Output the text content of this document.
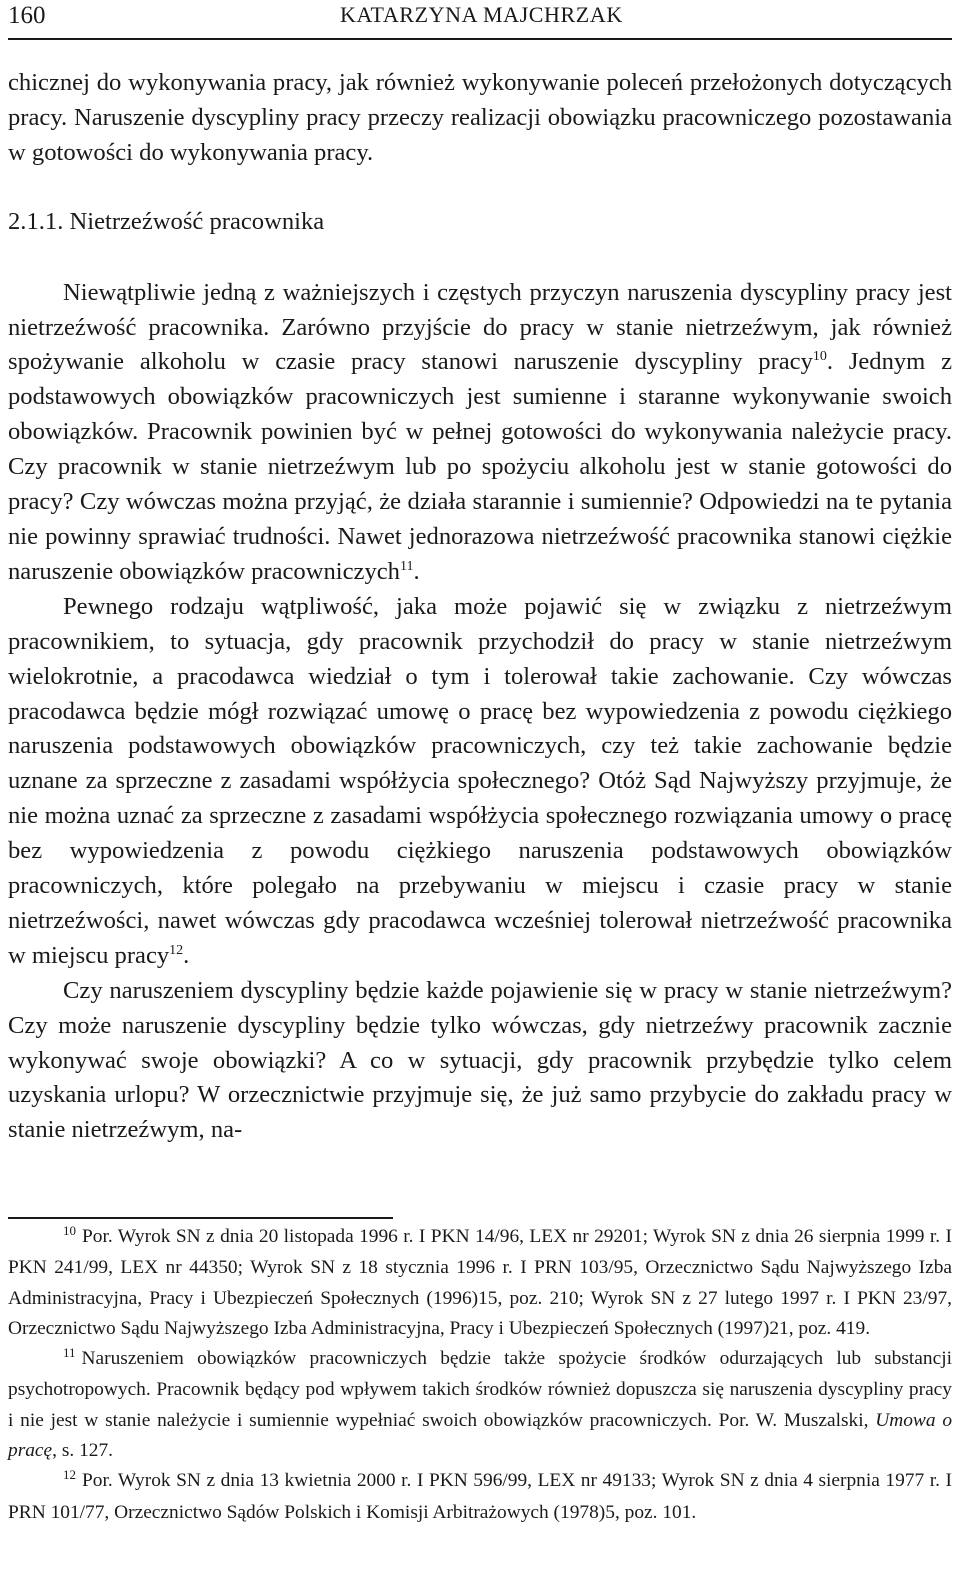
160	KATARZYNA MAJCHRZAK

chicznej do wykonywania pracy, jak również wykonywanie poleceń przełożonych dotyczących pracy. Naruszenie dyscypliny pracy przeczy realizacji obowiązku pracowniczego pozostawania w gotowości do wykonywania pracy.

2.1.1. Nietrzeźwość pracownika

Niewątpliwie jedną z ważniejszych i częstych przyczyn naruszenia dyscypliny pracy jest nietrzeźwość pracownika. Zarówno przyjście do pracy w stanie nietrzeźwym, jak również spożywanie alkoholu w czasie pracy stanowi naruszenie dyscypliny pracy$^{10}$. Jednym z podstawowych obowiązków pracowniczych jest sumienne i staranne wykonywanie swoich obowiązków. Pracownik powinien być w pełnej gotowości do wykonywania należycie pracy. Czy pracownik w stanie nietrzeźwym lub po spożyciu alkoholu jest w stanie gotowości do pracy? Czy wówczas można przyjąć, że działa starannie i sumiennie? Odpowiedzi na te pytania nie powinny sprawiać trudności. Nawet jednorazowa nietrzeźwość pracownika stanowi ciężkie naruszenie obowiązków pracowniczych$^{11}$.

Pewnego rodzaju wątpliwość, jaka może pojawić się w związku z nietrzeźwym pracownikiem, to sytuacja, gdy pracownik przychodził do pracy w stanie nietrzeźwym wielokrotnie, a pracodawca wiedział o tym i tolerował takie zachowanie. Czy wówczas pracodawca będzie mógł rozwiązać umowę o pracę bez wypowiedzenia z powodu ciężkiego naruszenia podstawowych obowiązków pracowniczych, czy też takie zachowanie będzie uznane za sprzeczne z zasadami współżycia społecznego? Otóż Sąd Najwyższy przyjmuje, że nie można uznać za sprzeczne z zasadami współżycia społecznego rozwiązania umowy o pracę bez wypowiedzenia z powodu ciężkiego naruszenia podstawowych obowiązków pracowniczych, które polegało na przebywaniu w miejscu i czasie pracy w stanie nietrzeźwości, nawet wówczas gdy pracodawca wcześniej tolerował nietrzeźwość pracownika w miejscu pracy$^{12}$.

Czy naruszeniem dyscypliny będzie każde pojawienie się w pracy w stanie nietrzeźwym? Czy może naruszenie dyscypliny będzie tylko wówczas, gdy nietrzeźwy pracownik zacznie wykonywać swoje obowiązki? A co w sytuacji, gdy pracownik przybędzie tylko celem uzyskania urlopu? W orzecznictwie przyjmuje się, że już samo przybycie do zakładu pracy w stanie nietrzeźwym, na-

$^{10}$ Por. Wyrok SN z dnia 20 listopada 1996 r. I PKN 14/96, LEX nr 29201; Wyrok SN z dnia 26 sierpnia 1999 r. I PKN 241/99, LEX nr 44350; Wyrok SN z 18 stycznia 1996 r. I PRN 103/95, Orzecznictwo Sądu Najwyższego Izba Administracyjna, Pracy i Ubezpieczeń Społecznych (1996)15, poz. 210; Wyrok SN z 27 lutego 1997 r. I PKN 23/97, Orzecznictwo Sądu Najwyższego Izba Administracyjna, Pracy i Ubezpieczeń Społecznych (1997)21, poz. 419.

$^{11}$ Naruszeniem obowiązków pracowniczych będzie także spożycie środków odurzających lub substancji psychotropowych. Pracownik będący pod wpływem takich środków również dopuszcza się naruszenia dyscypliny pracy i nie jest w stanie należycie i sumiennie wypełniać swoich obowiązków pracowniczych. Por. W. Muszalski, Umowa o pracę, s. 127.

$^{12}$ Por. Wyrok SN z dnia 13 kwietnia 2000 r. I PKN 596/99, LEX nr 49133; Wyrok SN z dnia 4 sierpnia 1977 r. I PRN 101/77, Orzecznictwo Sądów Polskich i Komisji Arbitrażowych (1978)5, poz. 101.
